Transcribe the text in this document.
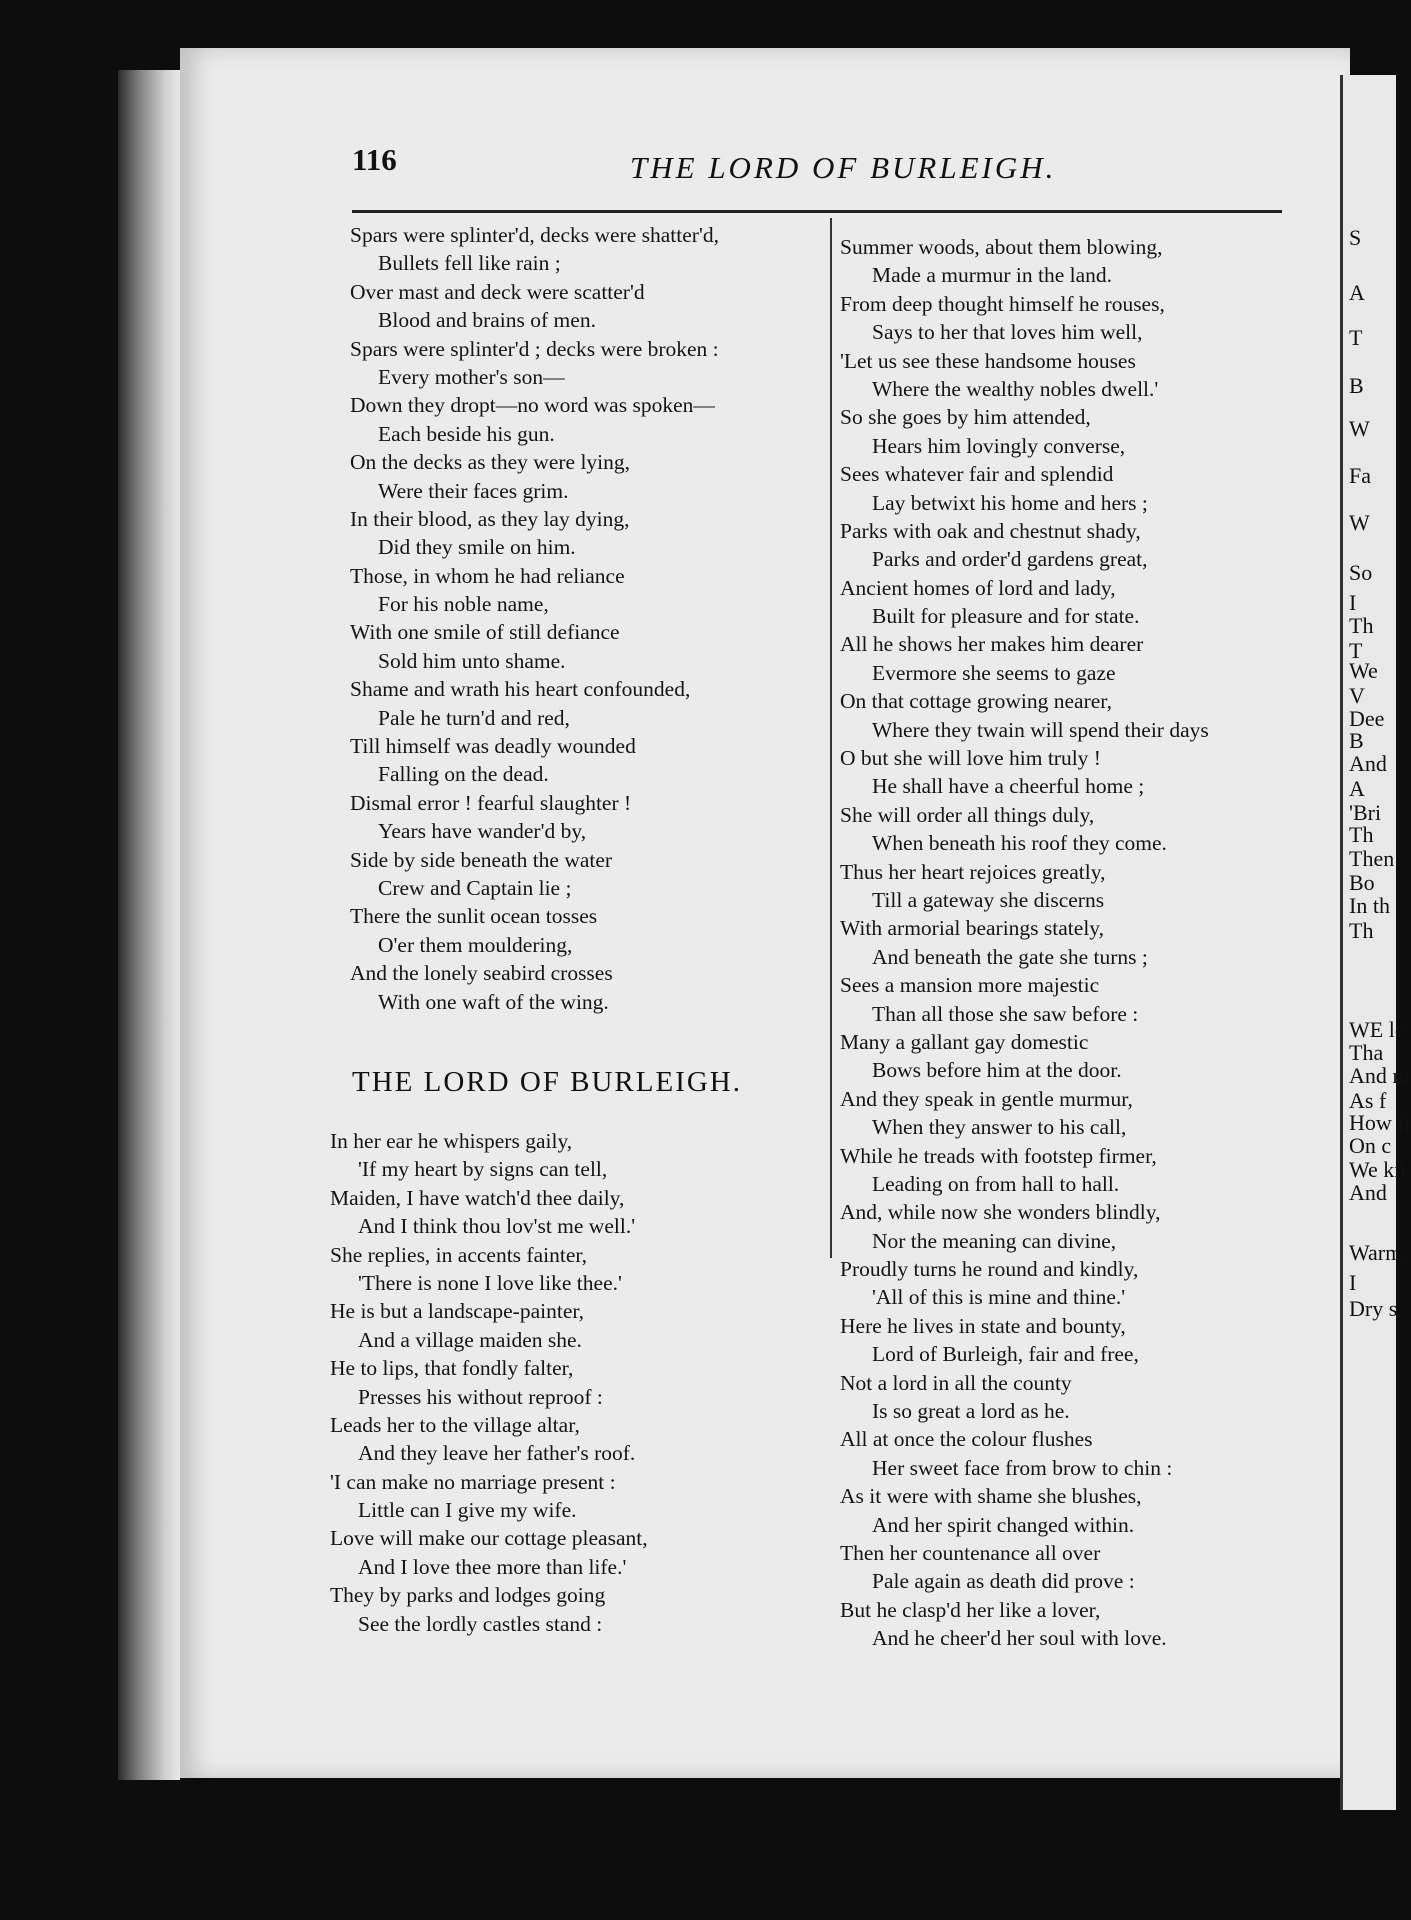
116	THE LORD OF BURLEIGH.
Spars were splinter'd, decks were shatter'd,
Bullets fell like rain ;
Over mast and deck were scatter'd
Blood and brains of men.
Spars were splinter'd ; decks were broken :
Every mother's son—
Down they dropt—no word was spoken—
Each beside his gun.
On the decks as they were lying,
Were their faces grim.
In their blood, as they lay dying,
Did they smile on him.
Those, in whom he had reliance
For his noble name,
With one smile of still defiance
Sold him unto shame.
Shame and wrath his heart confounded,
Pale he turn'd and red,
Till himself was deadly wounded
Falling on the dead.
Dismal error ! fearful slaughter !
Years have wander'd by,
Side by side beneath the water
Crew and Captain lie ;
There the sunlit ocean tosses
O'er them mouldering,
And the lonely seabird crosses
With one waft of the wing.
THE LORD OF BURLEIGH.
In her ear he whispers gaily,
'If my heart by signs can tell,
Maiden, I have watch'd thee daily,
And I think thou lov'st me well.'
She replies, in accents fainter,
'There is none I love like thee.'
He is but a landscape-painter,
And a village maiden she.
He to lips, that fondly falter,
Presses his without reproof :
Leads her to the village altar,
And they leave her father's roof.
'I can make no marriage present :
Little can I give my wife.
Love will make our cottage pleasant,
And I love thee more than life.'
They by parks and lodges going
See the lordly castles stand :
Summer woods, about them blowing,
Made a murmur in the land.
From deep thought himself he rouses,
Says to her that loves him well,
'Let us see these handsome houses
Where the wealthy nobles dwell.'
So she goes by him attended,
Hears him lovingly converse,
Sees whatever fair and splendid
Lay betwixt his home and hers ;
Parks with oak and chestnut shady,
Parks and order'd gardens great,
Ancient homes of lord and lady,
Built for pleasure and for state.
All he shows her makes him dearer
Evermore she seems to gaze
On that cottage growing nearer,
Where they twain will spend their days
O but she will love him truly !
He shall have a cheerful home ;
She will order all things duly,
When beneath his roof they come.
Thus her heart rejoices greatly,
Till a gateway she discerns
With armorial bearings stately,
And beneath the gate she turns ;
Sees a mansion more majestic
Than all those she saw before :
Many a gallant gay domestic
Bows before him at the door.
And they speak in gentle murmur,
When they answer to his call,
While he treads with footstep firmer,
Leading on from hall to hall.
And, while now she wonders blindly,
Nor the meaning can divine,
Proudly turns he round and kindly,
'All of this is mine and thine.'
Here he lives in state and bounty,
Lord of Burleigh, fair and free,
Not a lord in all the county
Is so great a lord as he.
All at once the colour flushes
Her sweet face from brow to chin :
As it were with shame she blushes,
And her spirit changed within.
Then her countenance all over
Pale again as death did prove :
But he clasp'd her like a lover,
And he cheer'd her soul with love.

S

A

T

B

W

Fa

W

So

I

Th

T

We

V

Dee

B

And

A

'Bri

Th

Then

Bo

In th

Th

WE le

Tha

And m

As f

How fi

On c

We kn

And

Warm

I

Dry s
